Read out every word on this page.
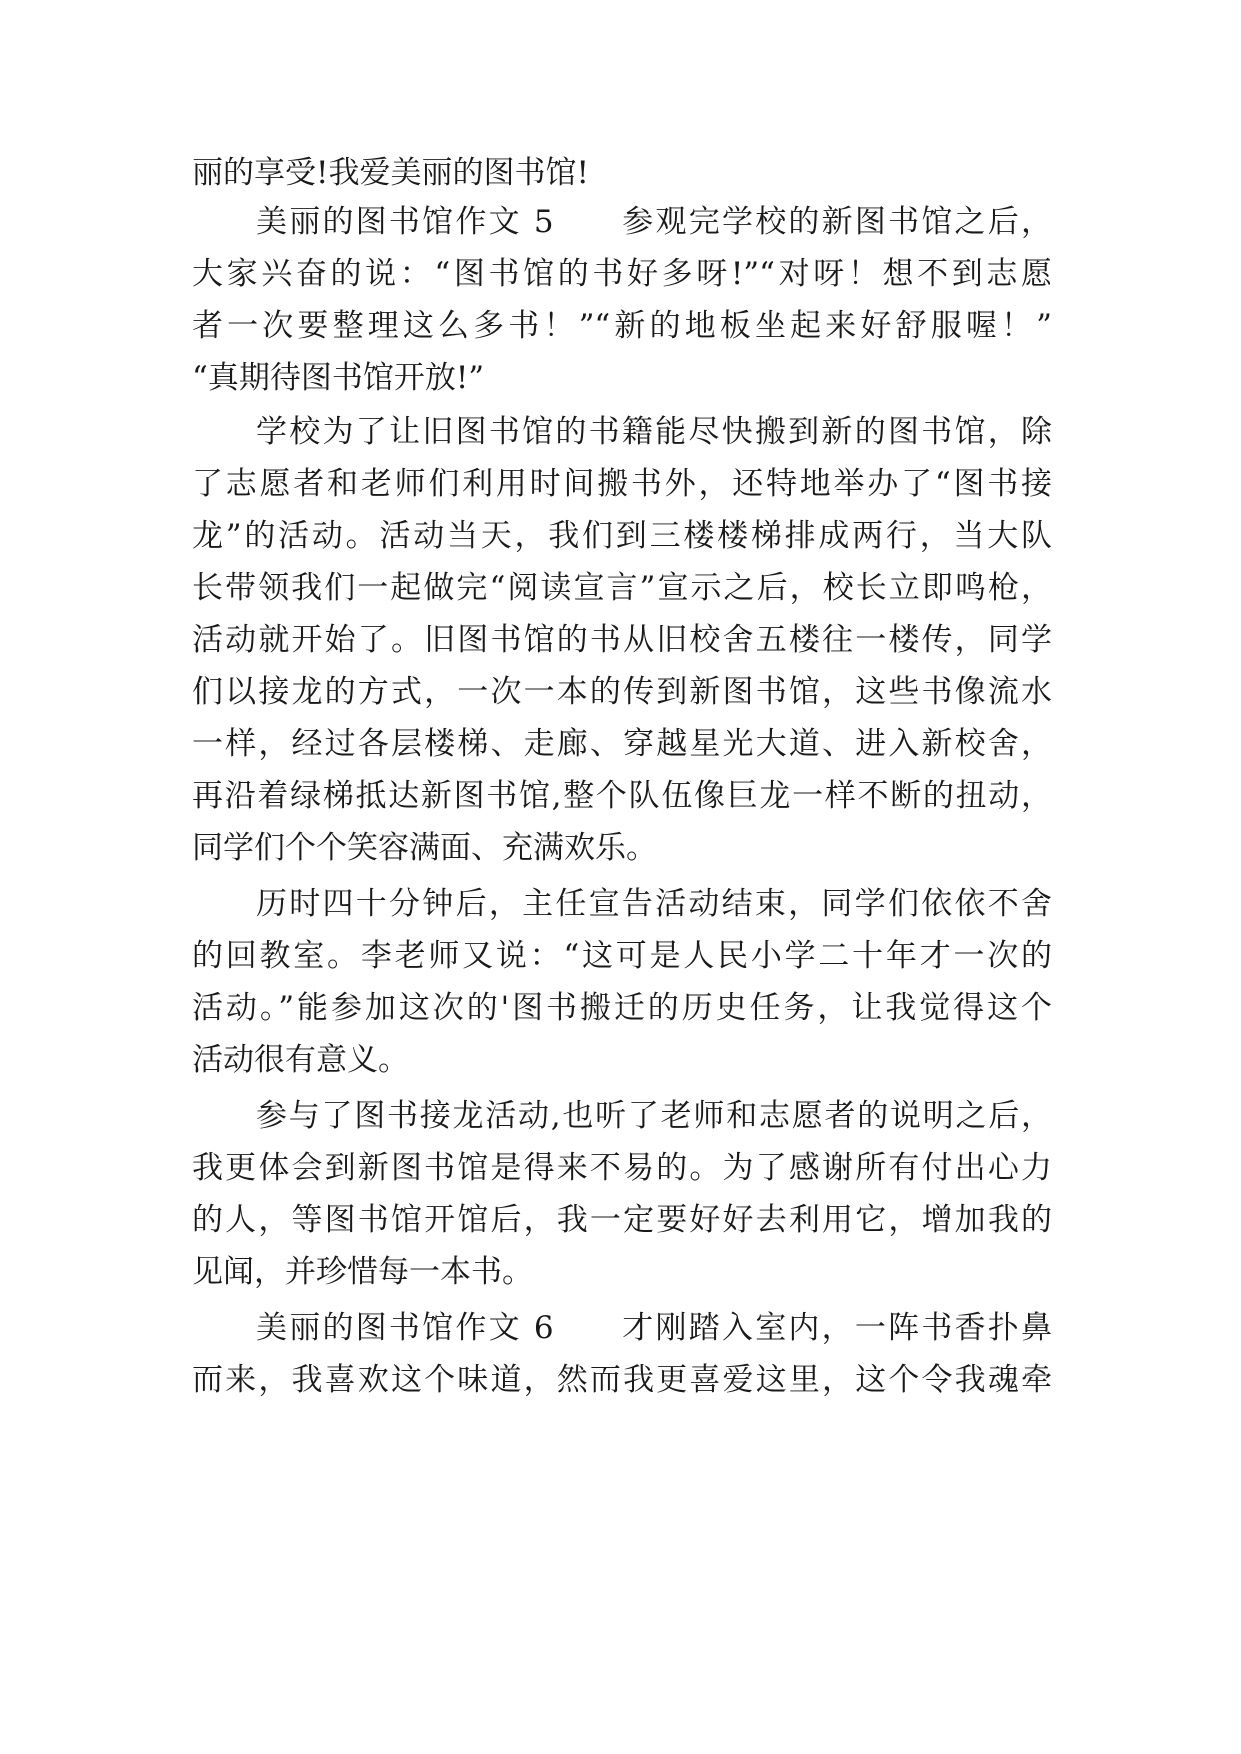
丽的享受!我爱美丽的图书馆!
美丽的图书馆作文 5　　参观完学校的新图书馆之后，
大家兴奋的说：“图书馆的书好多呀!”“对呀！想不到志愿
者一次要整理这么多书！”“新的地板坐起来好舒服喔！”
“真期待图书馆开放!”
学校为了让旧图书馆的书籍能尽快搬到新的图书馆，除
了志愿者和老师们利用时间搬书外，还特地举办了“图书接
龙”的活动。活动当天，我们到三楼楼梯排成两行，当大队
长带领我们一起做完“阅读宣言”宣示之后，校长立即鸣枪，
活动就开始了。旧图书馆的书从旧校舍五楼往一楼传，同学
们以接龙的方式，一次一本的传到新图书馆，这些书像流水
一样，经过各层楼梯、走廊、穿越星光大道、进入新校舍，
再沿着绿梯抵达新图书馆,整个队伍像巨龙一样不断的扭动，
同学们个个笑容满面、充满欢乐。
历时四十分钟后，主任宣告活动结束，同学们依依不舍
的回教室。李老师又说：“这可是人民小学二十年才一次的
活动。”能参加这次的'图书搬迁的历史任务，让我觉得这个
活动很有意义。
参与了图书接龙活动,也听了老师和志愿者的说明之后，
我更体会到新图书馆是得来不易的。为了感谢所有付出心力
的人，等图书馆开馆后，我一定要好好去利用它，增加我的
见闻，并珍惜每一本书。
美丽的图书馆作文 6　　才刚踏入室内，一阵书香扑鼻
而来，我喜欢这个味道，然而我更喜爱这里，这个令我魂牵
